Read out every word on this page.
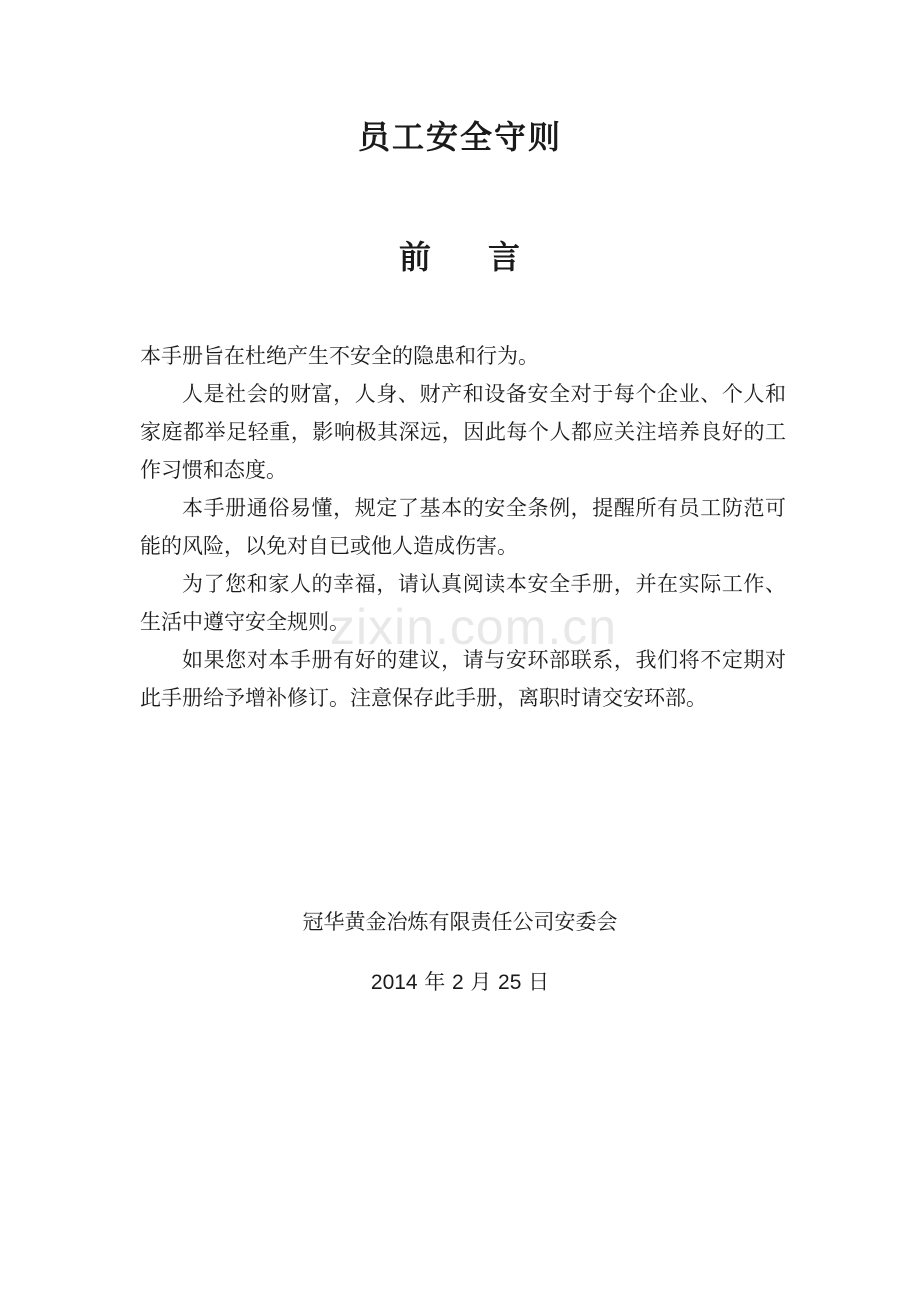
员工安全守则
前 言

本手册旨在杜绝产生不安全的隐患和行为。

人是社会的财富，人身、财产和设备安全对于每个企业、个人和家庭都举足轻重，影响极其深远，因此每个人都应关注培养良好的工作习惯和态度。

本手册通俗易懂，规定了基本的安全条例，提醒所有员工防范可能的风险，以免对自已或他人造成伤害。

为了您和家人的幸福，请认真阅读本安全手册，并在实际工作、生活中遵守安全规则。

如果您对本手册有好的建议，请与安环部联系，我们将不定期对此手册给予增补修订。注意保存此手册，离职时请交安环部。

zixin.com.cn
冠华黄金冶炼有限责任公司安委会
2014 年 2 月 25 日
